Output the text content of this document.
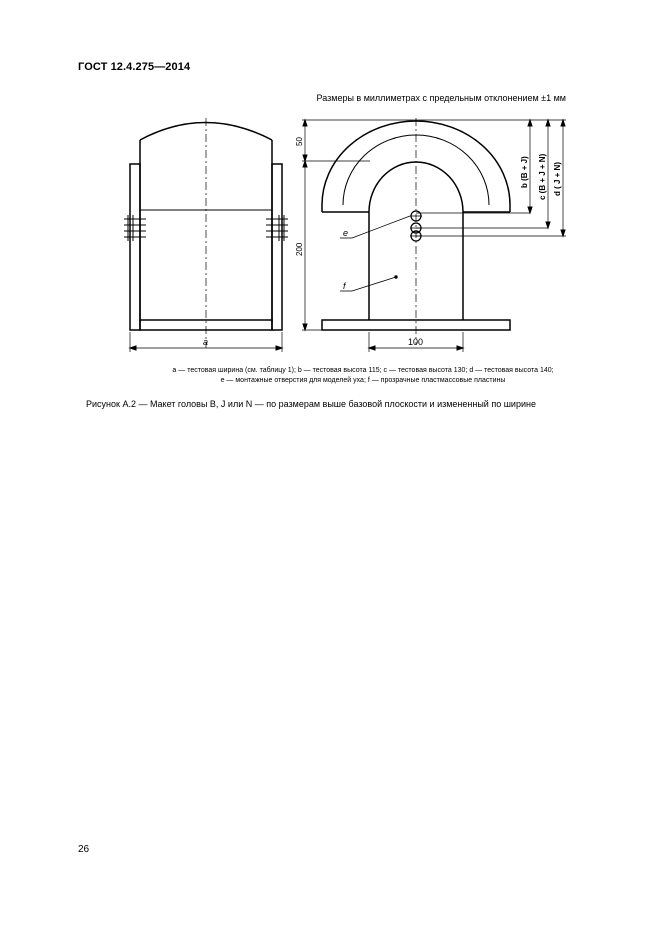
ГОСТ 12.4.275—2014
Размеры в миллиметрах с предельным отклонением ±1 мм
a	100
e
f
50
200
b (B + J) c (B + J + N) d ( J + N)
a — тестовая ширина (см. таблицу 1); b — тестовая высота 115; c — тестовая высота 130; d — тестовая высота 140;
e — монтажные отверстия для моделей уха; f — прозрачные пластмассовые пластины
Рисунок А.2 — Макет головы B, J или N — по размерам выше базовой плоскости и измененный по ширине
26
